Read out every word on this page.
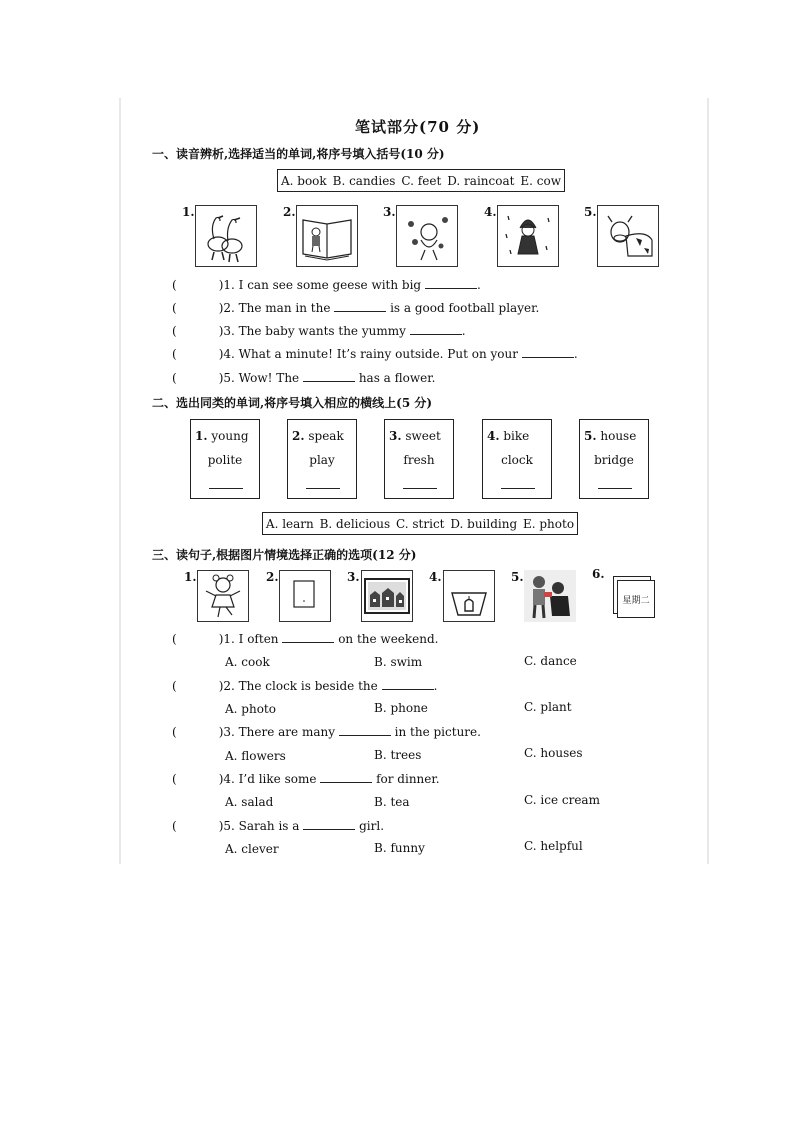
笔试部分(70 分)
一、读音辨析,选择适当的单词,将序号填入括号(10 分)
A. book B. candies C. feet D. raincoat E. cow
1.	2.	3.	4.	5.
(	)1. I can see some geese with big	.
(	)2. The man in the	is a good football player.
(	)3. The baby wants the yummy	.
(	)4. What a minute! It’s rainy outside. Put on your	.
(	)5. Wow! The	has a flower.
二、选出同类的单词,将序号填入相应的横线上(5 分)
1. young
polite
2. speak
play
3. sweet
fresh
4. bike
clock
5. house
bridge
A. learn B. delicious C. strict D. building E. photo
三、读句子,根据图片情境选择正确的选项(12 分)
1.	2.	3.	4.	5.	6.
星期二
(	)1. I often	on the weekend.
A. cook	B. swim	C. dance
(	)2. The clock is beside the	.
A. photo	B. phone	C. plant
(	)3. There are many	in the picture.
A. flowers	B. trees	C. houses
(	)4. I’d like some	for dinner.
A. salad	B. tea	C. ice cream
(	)5. Sarah is a	girl.
A. clever	B. funny	C. helpful
